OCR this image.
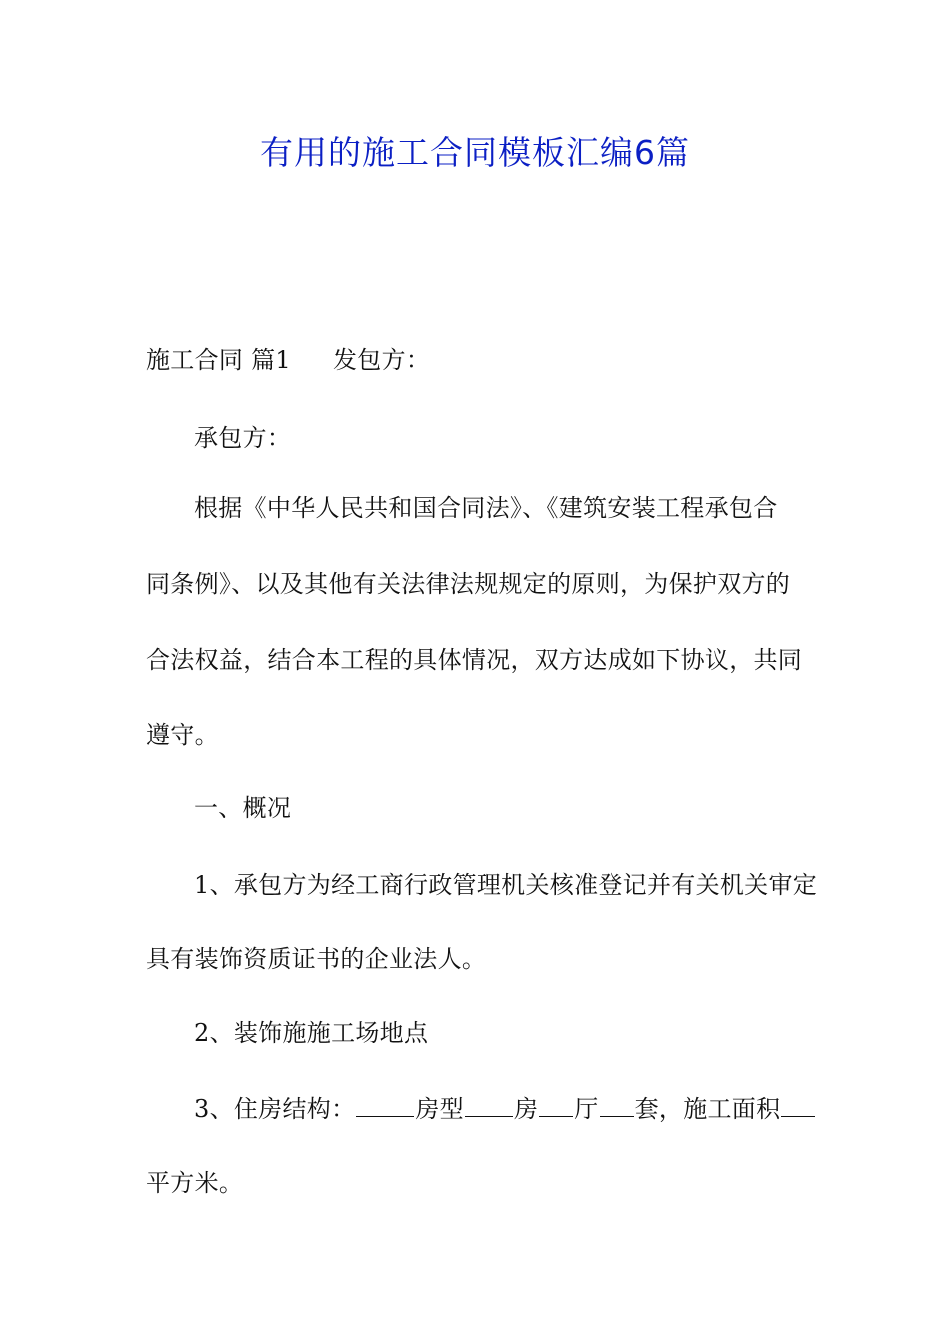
有用的施工合同模板汇编6篇
施工合同 篇1 发包方：
承包方：
根据《中华人民共和国合同法》、《建筑安装工程承包合
同条例》、以及其他有关法律法规规定的原则，为保护双方的
合法权益，结合本工程的具体情况，双方达成如下协议，共同
遵守。
一、概况
1、承包方为经工商行政管理机关核准登记并有关机关审定
具有装饰资质证书的企业法人。
2、装饰施施工场地点
3、住房结构：	房型 房 厅 套，施工面积
平方米。
